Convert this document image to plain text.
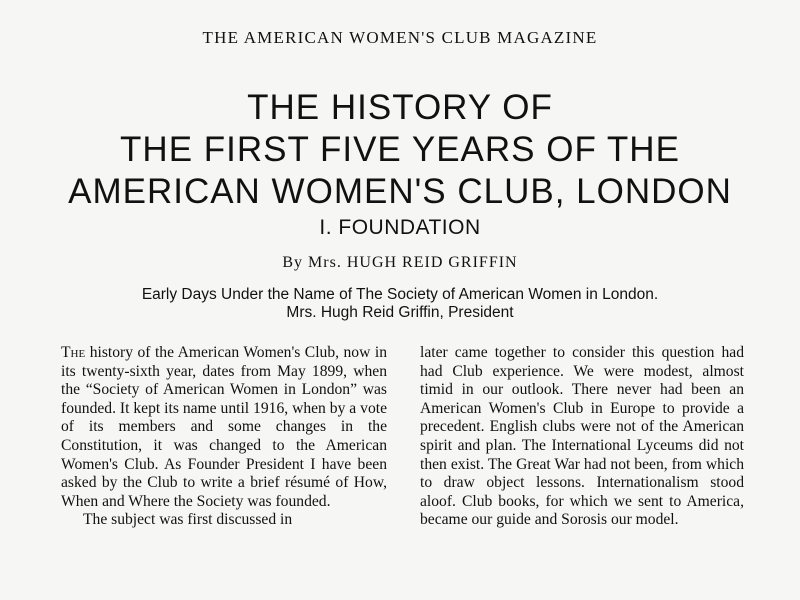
THE AMERICAN WOMEN'S CLUB MAGAZINE
THE HISTORY OF
THE FIRST FIVE YEARS OF THE
AMERICAN WOMEN'S CLUB, LONDON
I. FOUNDATION
By Mrs. HUGH REID GRIFFIN
Early Days Under the Name of The Society of American Women in London.
Mrs. Hugh Reid Griffin, President

The history of the American Women's Club, now in its twenty-sixth year, dates from May 1899, when the “Society of American Women in London” was founded. It kept its name until 1916, when by a vote of its members and some changes in the Constitution, it was changed to the American Women's Club. As Founder President I have been asked by the Club to write a brief résumé of How, When and Where the Society was founded.

The subject was first discussed in

later came together to consider this question had had Club experience. We were modest, almost timid in our outlook. There never had been an American Women's Club in Europe to provide a precedent. English clubs were not of the American spirit and plan. The International Lyceums did not then exist. The Great War had not been, from which to draw object lessons. Internationalism stood aloof. Club books, for which we sent to America, became our guide and Sorosis our model.
